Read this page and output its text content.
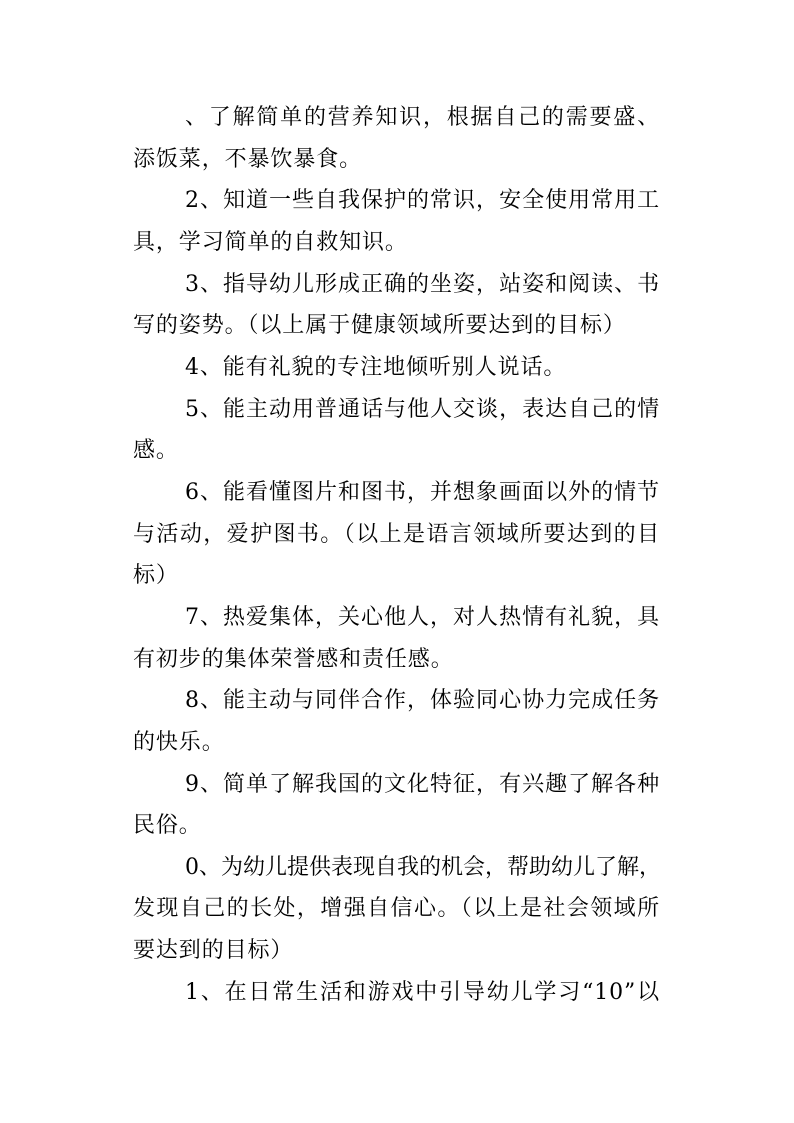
、了解简单的营养知识，根据自己的需要盛、
添饭菜，不暴饮暴食。
2、知道一些自我保护的常识，安全使用常用工
具，学习简单的自救知识。
3、指导幼儿形成正确的坐姿，站姿和阅读、书
写的姿势。（以上属于健康领域所要达到的目标）
4、能有礼貌的专注地倾听别人说话。
5、能主动用普通话与他人交谈，表达自己的情
感。
6、能看懂图片和图书，并想象画面以外的情节
与活动，爱护图书。（以上是语言领域所要达到的目
标）
7、热爱集体，关心他人，对人热情有礼貌，具
有初步的集体荣誉感和责任感。
8、能主动与同伴合作，体验同心协力完成任务
的快乐。
9、简单了解我国的文化特征，有兴趣了解各种
民俗。
0、为幼儿提供表现自我的机会，帮助幼儿了解，
发现自己的长处，增强自信心。（以上是社会领域所
要达到的目标）
1、在日常生活和游戏中引导幼儿学习“10”以
